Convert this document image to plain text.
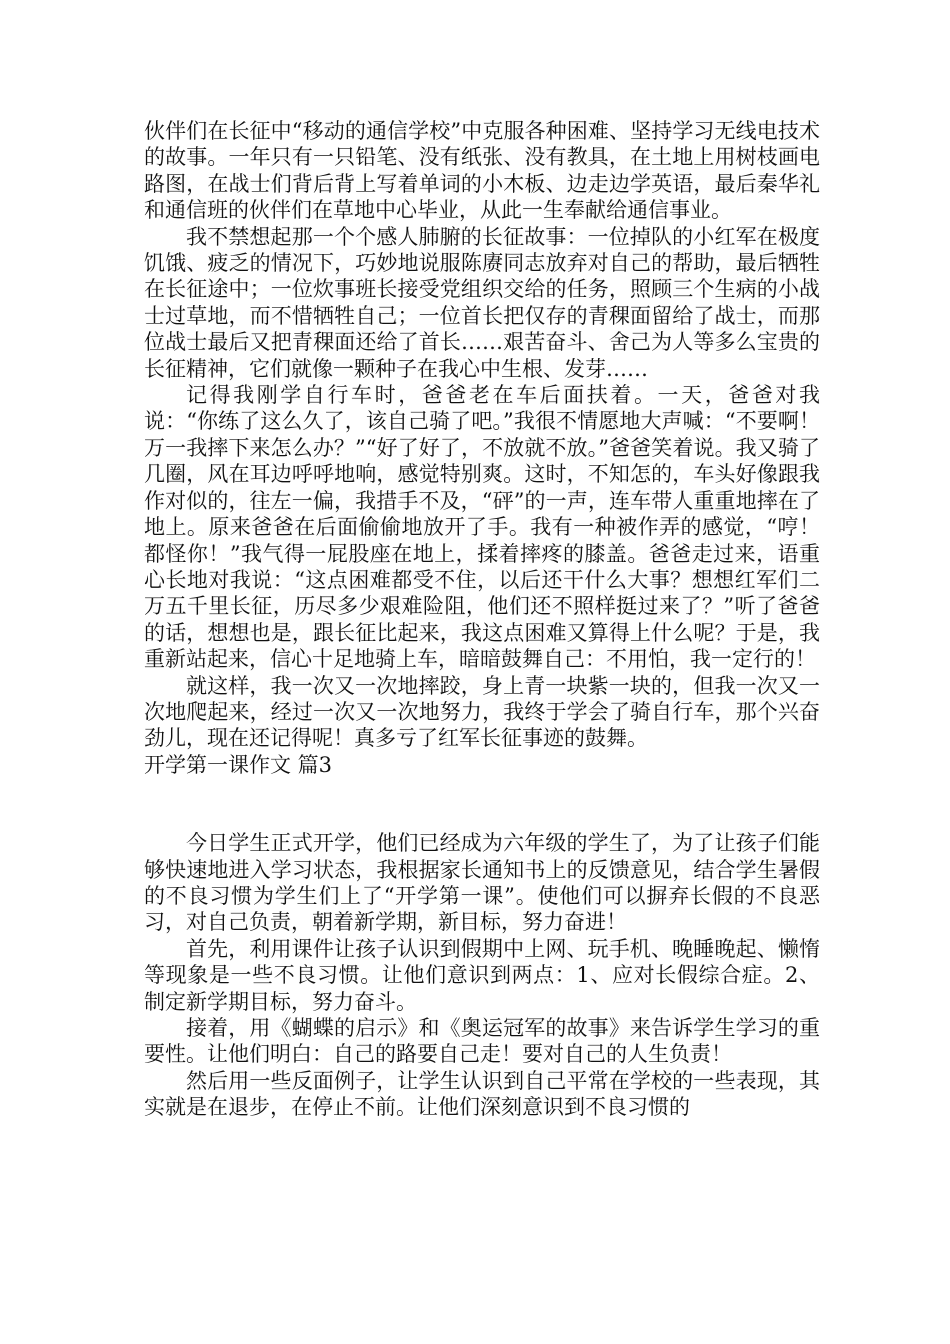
伙伴们在长征中“移动的通信学校”中克服各种困难、坚持学习无线电技术的故事。一年只有一只铅笔、没有纸张、没有教具，在土地上用树枝画电路图，在战士们背后背上写着单词的小木板、边走边学英语，最后秦华礼和通信班的伙伴们在草地中心毕业，从此一生奉献给通信事业。

我不禁想起那一个个感人肺腑的长征故事：一位掉队的小红军在极度饥饿、疲乏的情况下，巧妙地说服陈赓同志放弃对自己的帮助，最后牺牲在长征途中；一位炊事班长接受党组织交给的任务，照顾三个生病的小战士过草地，而不惜牺牲自己；一位首长把仅存的青稞面留给了战士，而那位战士最后又把青稞面还给了首长……艰苦奋斗、舍己为人等多么宝贵的长征精神，它们就像一颗种子在我心中生根、发芽……

记得我刚学自行车时，爸爸老在车后面扶着。一天，爸爸对我说：“你练了这么久了，该自己骑了吧。”我很不情愿地大声喊：“不要啊！万一我摔下来怎么办？”“好了好了，不放就不放。”爸爸笑着说。我又骑了几圈，风在耳边呼呼地响，感觉特别爽。这时，不知怎的，车头好像跟我作对似的，往左一偏，我措手不及，“砰”的一声，连车带人重重地摔在了地上。原来爸爸在后面偷偷地放开了手。我有一种被作弄的感觉，“哼！都怪你！”我气得一屁股座在地上，揉着摔疼的膝盖。爸爸走过来，语重心长地对我说：“这点困难都受不住，以后还干什么大事？想想红军们二万五千里长征，历尽多少艰难险阻，他们还不照样挺过来了？”听了爸爸的话，想想也是，跟长征比起来，我这点困难又算得上什么呢？于是，我重新站起来，信心十足地骑上车，暗暗鼓舞自己：不用怕，我一定行的！

就这样，我一次又一次地摔跤，身上青一块紫一块的，但我一次又一次地爬起来，经过一次又一次地努力，我终于学会了骑自行车，那个兴奋劲儿，现在还记得呢！真多亏了红军长征事迹的鼓舞。

开学第一课作文 篇3

今日学生正式开学，他们已经成为六年级的学生了，为了让孩子们能够快速地进入学习状态，我根据家长通知书上的反馈意见，结合学生暑假的不良习惯为学生们上了“开学第一课”。使他们可以摒弃长假的不良恶习，对自己负责，朝着新学期，新目标，努力奋进！

首先，利用课件让孩子认识到假期中上网、玩手机、晚睡晚起、懒惰等现象是一些不良习惯。让他们意识到两点：1、应对长假综合症。2、制定新学期目标，努力奋斗。

接着，用《蝴蝶的启示》和《奥运冠军的故事》来告诉学生学习的重要性。让他们明白：自己的路要自己走！要对自己的人生负责！

然后用一些反面例子，让学生认识到自己平常在学校的一些表现，其实就是在退步，在停止不前。让他们深刻意识到不良习惯的
